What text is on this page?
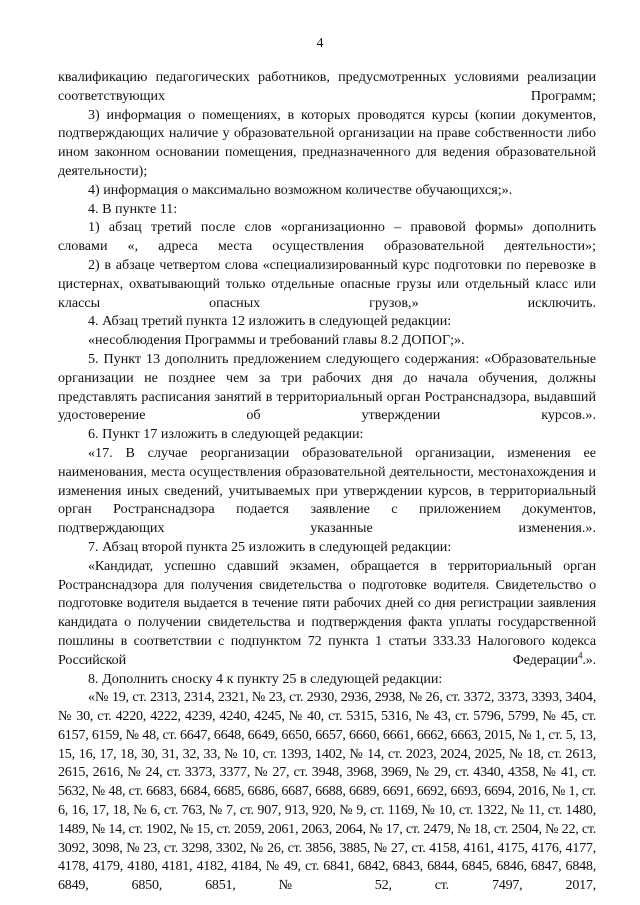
4

квалификацию педагогических работников, предусмотренных условиями реализации соответствующих Программ;

3) информация о помещениях, в которых проводятся курсы (копии документов, подтверждающих наличие у образовательной организации на праве собственности либо ином законном основании помещения, предназначенного для ведения образовательной деятельности);

4) информация о максимально возможном количестве обучающихся;».

4. В пункте 11:

1) абзац третий после слов «организационно – правовой формы» дополнить словами «, адреса места осуществления образовательной деятельности»;

2) в абзаце четвертом слова «специализированный курс подготовки по перевозке в цистернах, охватывающий только отдельные опасные грузы или отдельный класс или классы опасных грузов,» исключить.

4. Абзац третий пункта 12 изложить в следующей редакции:

«несоблюдения Программы и требований главы 8.2 ДОПОГ;».

5. Пункт 13 дополнить предложением следующего содержания: «Образовательные организации не позднее чем за три рабочих дня до начала обучения, должны представлять расписания занятий в территориальный орган Ространснадзора, выдавший удостоверение об утверждении курсов.».

6. Пункт 17 изложить в следующей редакции:

«17. В случае реорганизации образовательной организации, изменения ее наименования, места осуществления образовательной деятельности, местонахождения и изменения иных сведений, учитываемых при утверждении курсов, в территориальный орган Ространснадзора подается заявление с приложением документов, подтверждающих указанные изменения.».

7. Абзац второй пункта 25 изложить в следующей редакции:

«Кандидат, успешно сдавший экзамен, обращается в территориальный орган Ространснадзора для получения свидетельства о подготовке водителя. Свидетельство о подготовке водителя выдается в течение пяти рабочих дней со дня регистрации заявления кандидата о получении свидетельства и подтверждения факта уплаты государственной пошлины в соответствии с подпунктом 72 пункта 1 статьи 333.33 Налогового кодекса Российской Федерации$^4$.».

8. Дополнить сноску 4 к пункту 25 в следующей редакции:

«№ 19, ст. 2313, 2314, 2321, № 23, ст. 2930, 2936, 2938, № 26, ст. 3372, 3373, 3393, 3404, № 30, ст. 4220, 4222, 4239, 4240, 4245, № 40, ст. 5315, 5316, № 43, ст. 5796, 5799, № 45, ст. 6157, 6159, № 48, ст. 6647, 6648, 6649, 6650, 6657, 6660, 6661, 6662, 6663, 2015, № 1, ст. 5, 13, 15, 16, 17, 18, 30, 31, 32, 33, № 10, ст. 1393, 1402, № 14, ст. 2023, 2024, 2025, № 18, ст. 2613, 2615, 2616, № 24, ст. 3373, 3377, № 27, ст. 3948, 3968, 3969, № 29, ст. 4340, 4358, № 41, ст. 5632, № 48, ст. 6683, 6684, 6685, 6686, 6687, 6688, 6689, 6691, 6692, 6693, 6694, 2016, № 1, ст. 6, 16, 17, 18, № 6, ст. 763, № 7, ст. 907, 913, 920, № 9, ст. 1169, № 10, ст. 1322, № 11, ст. 1480, 1489, № 14, ст. 1902, № 15, ст. 2059, 2061, 2063, 2064, № 17, ст. 2479, № 18, ст. 2504, № 22, ст. 3092, 3098, № 23, ст. 3298, 3302, № 26, ст. 3856, 3885, № 27, ст. 4158, 4161, 4175, 4176, 4177, 4178, 4179, 4180, 4181, 4182, 4184, № 49, ст. 6841, 6842, 6843, 6844, 6845, 6846, 6847, 6848, 6849, 6850, 6851, № 52, ст. 7497, 2017,
